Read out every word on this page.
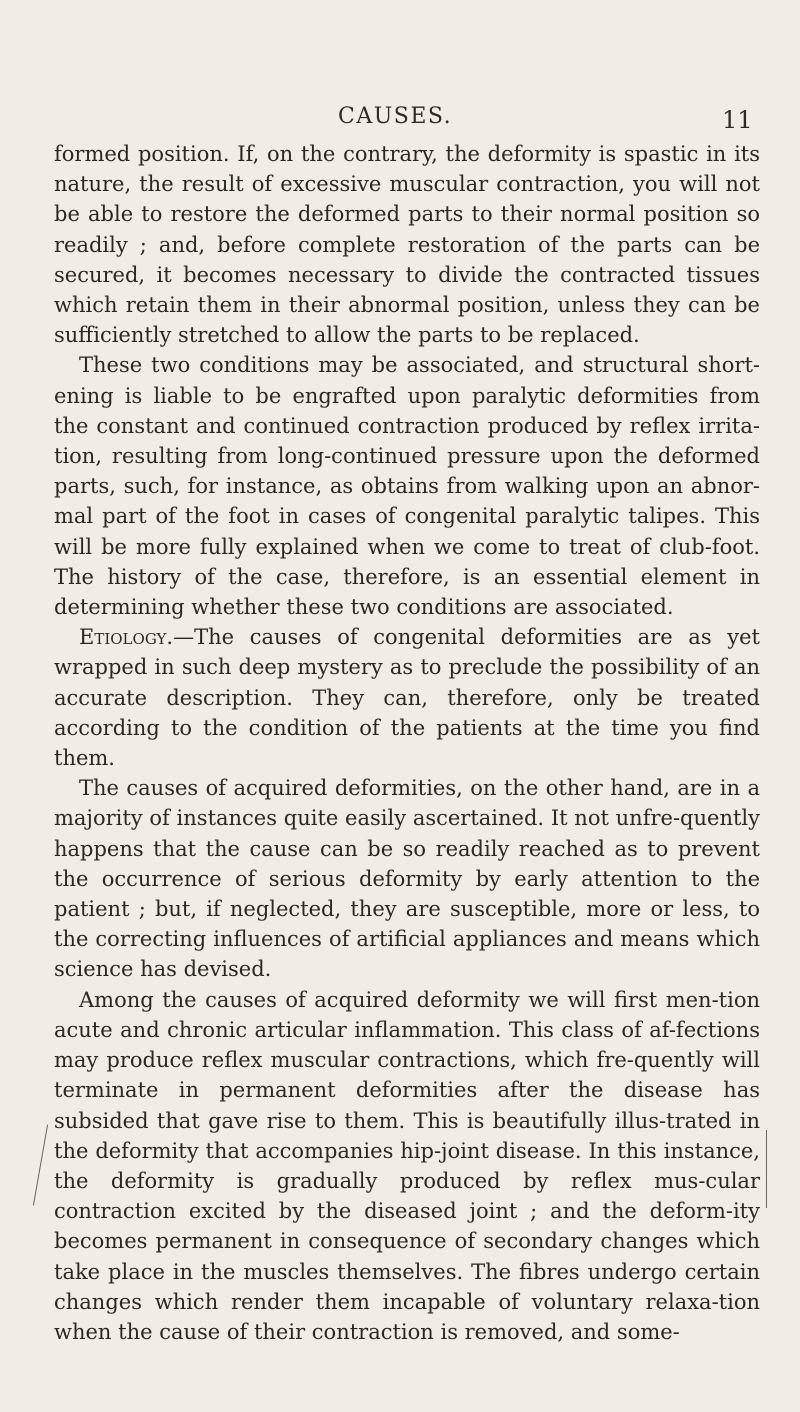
CAUSES.	11

formed position. If, on the contrary, the deformity is spastic in its nature, the result of excessive muscular contraction, you will not be able to restore the deformed parts to their normal position so readily ; and, before complete restoration of the parts can be secured, it becomes necessary to divide the contracted tissues which retain them in their abnormal position, unless they can be sufficiently stretched to allow the parts to be replaced.

These two conditions may be associated, and structural short-ening is liable to be engrafted upon paralytic deformities from the constant and continued contraction produced by reflex irrita-tion, resulting from long-continued pressure upon the deformed parts, such, for instance, as obtains from walking upon an abnor-mal part of the foot in cases of congenital paralytic talipes. This will be more fully explained when we come to treat of club-foot. The history of the case, therefore, is an essential element in determining whether these two conditions are associated.

Etiology.—The causes of congenital deformities are as yet wrapped in such deep mystery as to preclude the possibility of an accurate description. They can, therefore, only be treated according to the condition of the patients at the time you find them.

The causes of acquired deformities, on the other hand, are in a majority of instances quite easily ascertained. It not unfre-quently happens that the cause can be so readily reached as to prevent the occurrence of serious deformity by early attention to the patient ; but, if neglected, they are susceptible, more or less, to the correcting influences of artificial appliances and means which science has devised.

Among the causes of acquired deformity we will first men-tion acute and chronic articular inflammation. This class of af-fections may produce reflex muscular contractions, which fre-quently will terminate in permanent deformities after the disease has subsided that gave rise to them. This is beautifully illus-trated in the deformity that accompanies hip-joint disease. In this instance, the deformity is gradually produced by reflex mus-cular contraction excited by the diseased joint ; and the deform-ity becomes permanent in consequence of secondary changes which take place in the muscles themselves. The fibres undergo certain changes which render them incapable of voluntary relaxa-tion when the cause of their contraction is removed, and some-
